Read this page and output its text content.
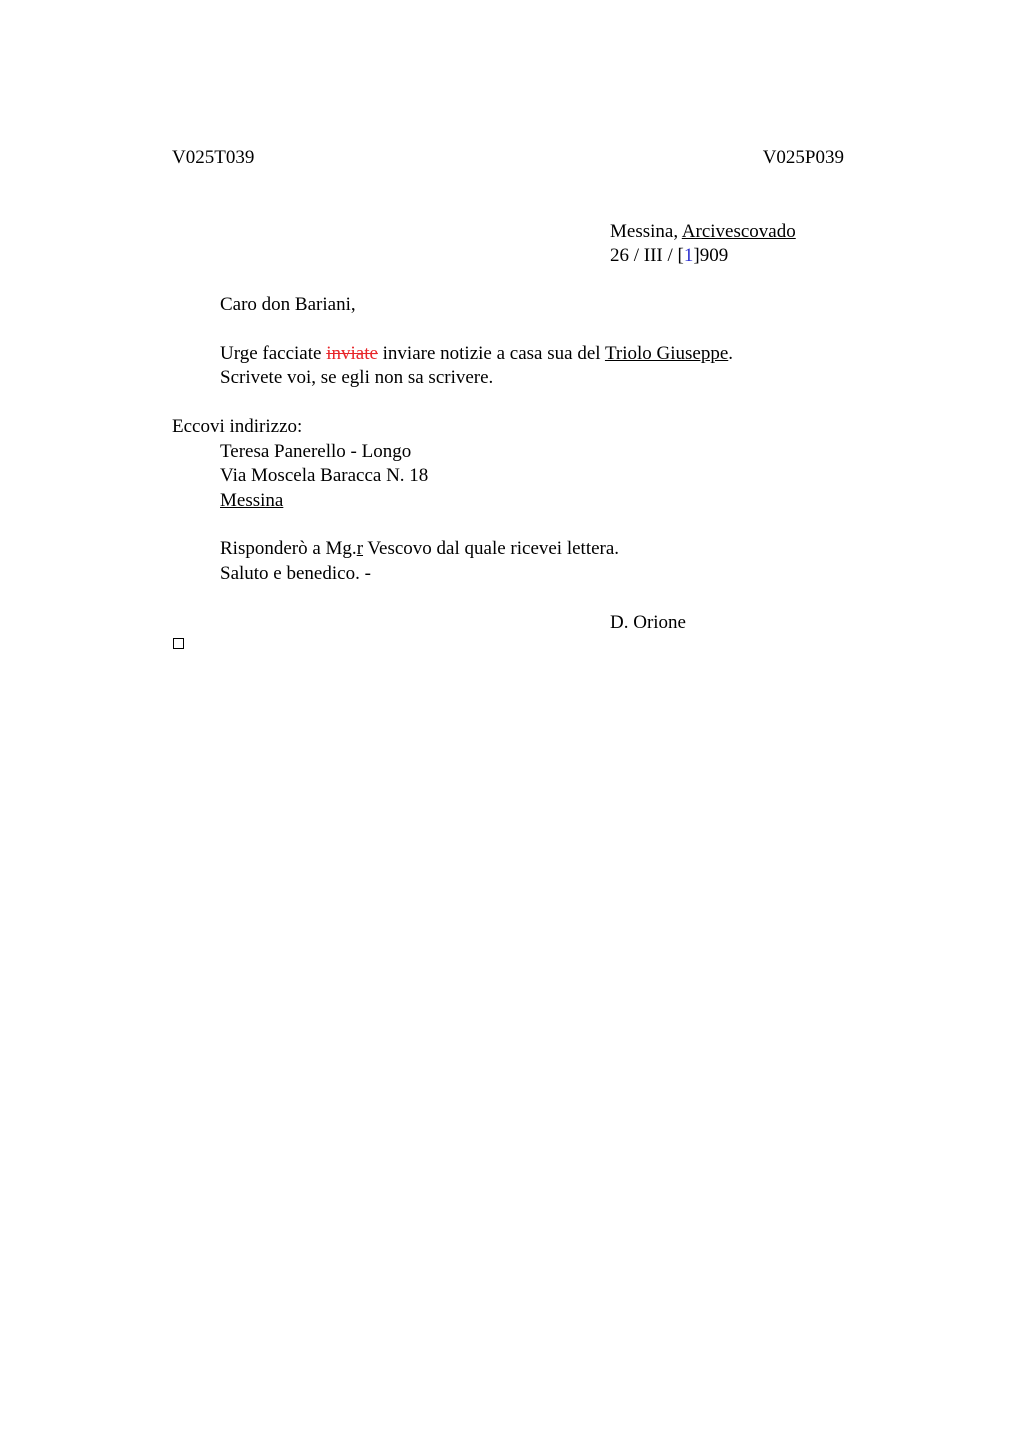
V025T039	V025P039
Messina, Arcivescovado
26 / III / [1]909
Caro don Bariani,
Urge facciate inviate inviare notizie a casa sua del Triolo Giuseppe.
Scrivete voi, se egli non sa scrivere.
Eccovi indirizzo:
Teresa Panerello - Longo
Via Moscela Baracca N. 18
Messina
Risponderò a Mg.r Vescovo dal quale ricevei lettera.
Saluto e benedico. -
D. Orione
